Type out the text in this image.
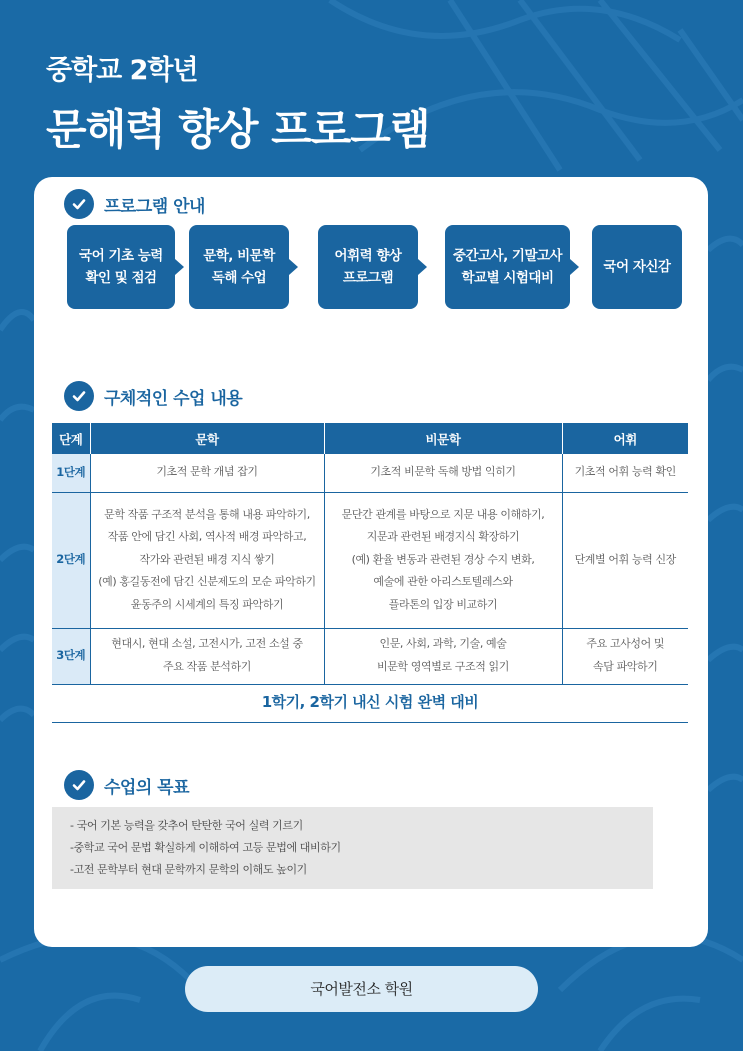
중학교 2학년
문해력 향상 프로그램
프로그램 안내
국어 기초 능력
확인 및 점검
문학, 비문학
독해 수업
어휘력 향상
프로그램
중간고사, 기말고사
학교별 시험대비
국어 자신감
구체적인 수업 내용
단계	문학	비문학	어휘
1단계	기초적 문학 개념 잡기	기초적 비문학 독해 방법 익히기	기초적 어휘 능력 확인
2단계	문학 작품 구조적 분석을 통해 내용 파악하기,
작품 안에 담긴 사회, 역사적 배경 파악하고,
작가와 관련된 배경 지식 쌓기
(예) 홍길동전에 담긴 신분제도의 모순 파악하기
윤동주의 시세계의 특징 파악하기	문단간 관계를 바탕으로 지문 내용 이해하기,
지문과 관련된 배경지식 확장하기
(예) 환율 변동과 관련된 경상 수지 변화,
예술에 관한 아리스토텔레스와
플라톤의 입장 비교하기	단계별 어휘 능력 신장
3단계	현대시, 현대 소설, 고전시가, 고전 소설 중
주요 작품 분석하기	인문, 사회, 과학, 기술, 예술
비문학 영역별로 구조적 읽기	주요 고사성어 및
속담 파악하기
1학기, 2학기 내신 시험 완벽 대비
수업의 목표
- 국어 기본 능력을 갖추어 탄탄한 국어 실력 기르기
-중학교 국어 문법 확실하게 이해하여 고등 문법에 대비하기
-고전 문학부터 현대 문학까지 문학의 이해도 높이기
국어발전소 학원
